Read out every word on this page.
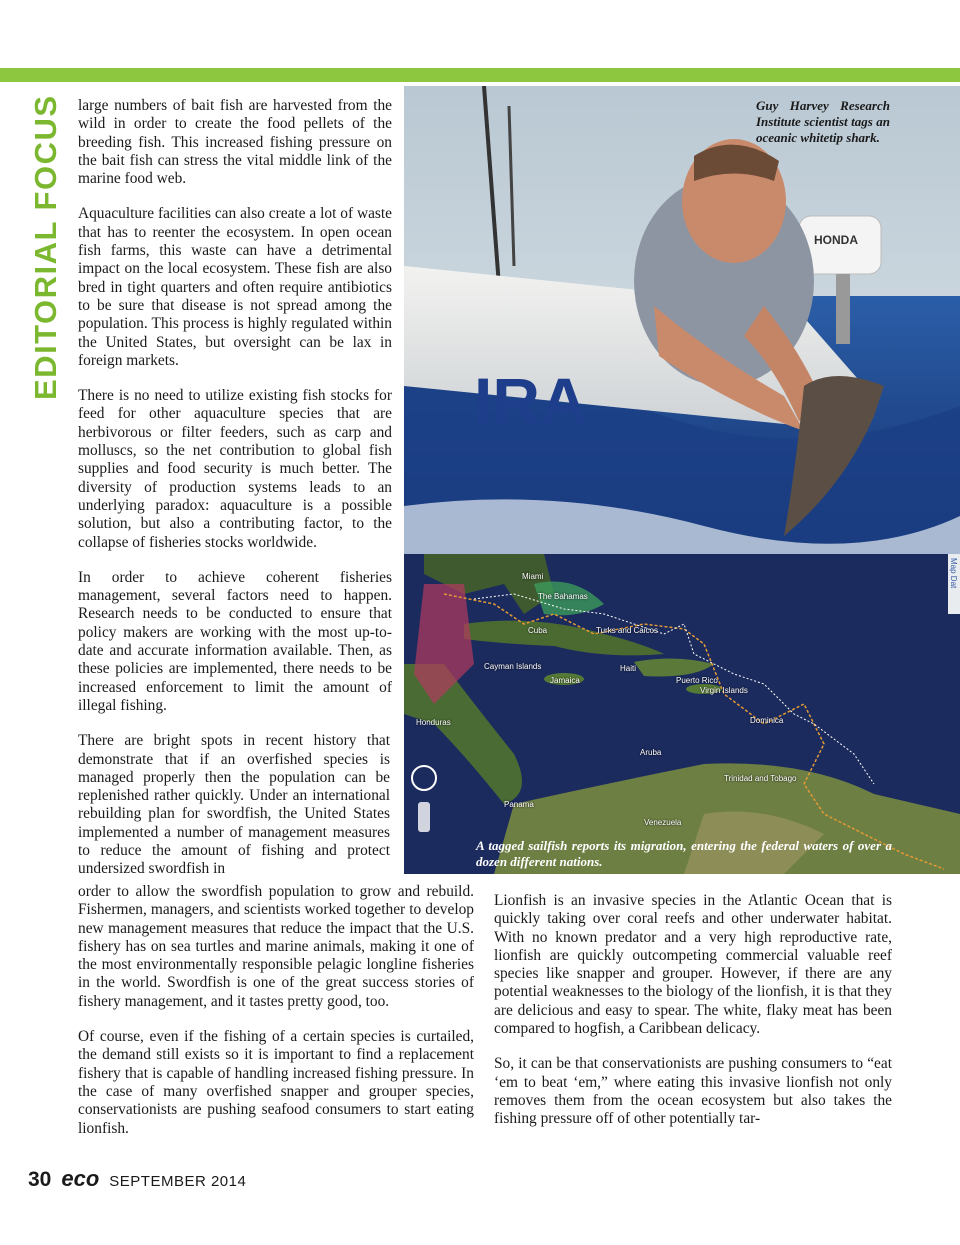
EDITORIAL FOCUS large numbers of bait fish are harvested from the wild in order to create the food pellets of the breeding fish. This increased fishing pressure on the bait fish can stress the vital middle link of the marine food web.

Aquaculture facilities can also create a lot of waste that has to reenter the ecosystem. In open ocean fish farms, this waste can have a detrimental impact on the local ecosystem. These fish are also bred in tight quarters and often require antibiotics to be sure that disease is not spread among the population. This process is highly regulated within the United States, but oversight can be lax in foreign markets.

There is no need to utilize existing fish stocks for feed for other aquaculture species that are herbivorous or filter feeders, such as carp and molluscs, so the net contribution to global fish supplies and food security is much better. The diversity of production systems leads to an underlying paradox: aquaculture is a possible solution, but also a contributing factor, to the collapse of fisheries stocks worldwide.

In order to achieve coherent fisheries management, several factors need to happen. Research needs to be conducted to ensure that policy makers are working with the most up-to-date and accurate information available. Then, as these policies are implemented, there needs to be increased enforcement to limit the amount of illegal fishing.

There are bright spots in recent history that demonstrate that if an overfished species is managed properly then the population can be replenished rather quickly. Under an international rebuilding plan for swordfish, the United States implemented a number of management measures to reduce the amount of fishing and protect undersized swordfish in

order to allow the swordfish population to grow and rebuild. Fishermen, managers, and scientists worked together to develop new management measures that reduce the impact that the U.S. fishery has on sea turtles and marine animals, making it one of the most environmentally responsible pelagic longline fisheries in the world. Swordfish is one of the great success stories of fishery management, and it tastes pretty good, too.

Of course, even if the fishing of a certain species is curtailed, the demand still exists so it is important to find a replacement fishery that is capable of handling increased fishing pressure. In the case of many overfished snapper and grouper species, conservationists are pushing seafood consumers to start eating lionfish.

Lionfish is an invasive species in the Atlantic Ocean that is quickly taking over coral reefs and other underwater habitat. With no known predator and a very high reproductive rate, lionfish are quickly outcompeting commercial valuable reef species like snapper and grouper. However, if there are any potential weaknesses to the biology of the lionfish, it is that they are delicious and easy to spear. The white, flaky meat has been compared to hogfish, a Caribbean delicacy.

So, it can be that conservationists are pushing consumers to “eat ‘em to beat ‘em,” where eating this invasive lionfish not only removes them from the ocean ecosystem but also takes the fishing pressure off of other potentially tar-

IRA
HONDA
Guy Harvey Research Institute scientist tags an oceanic whitetip shark.
Miami
The Bahamas
Cuba	Turks and Caicos
Cayman Islands	Haiti
Jamaica	Puerto Rico
Virgin Islands
Honduras	Dominica
Aruba
Trinidad and Tobago
Panama
Venezuela
Map Dat
A tagged sailfish reports its migration, entering the federal waters of over a dozen different nations.
30 eco SEPTEMBER 2014
